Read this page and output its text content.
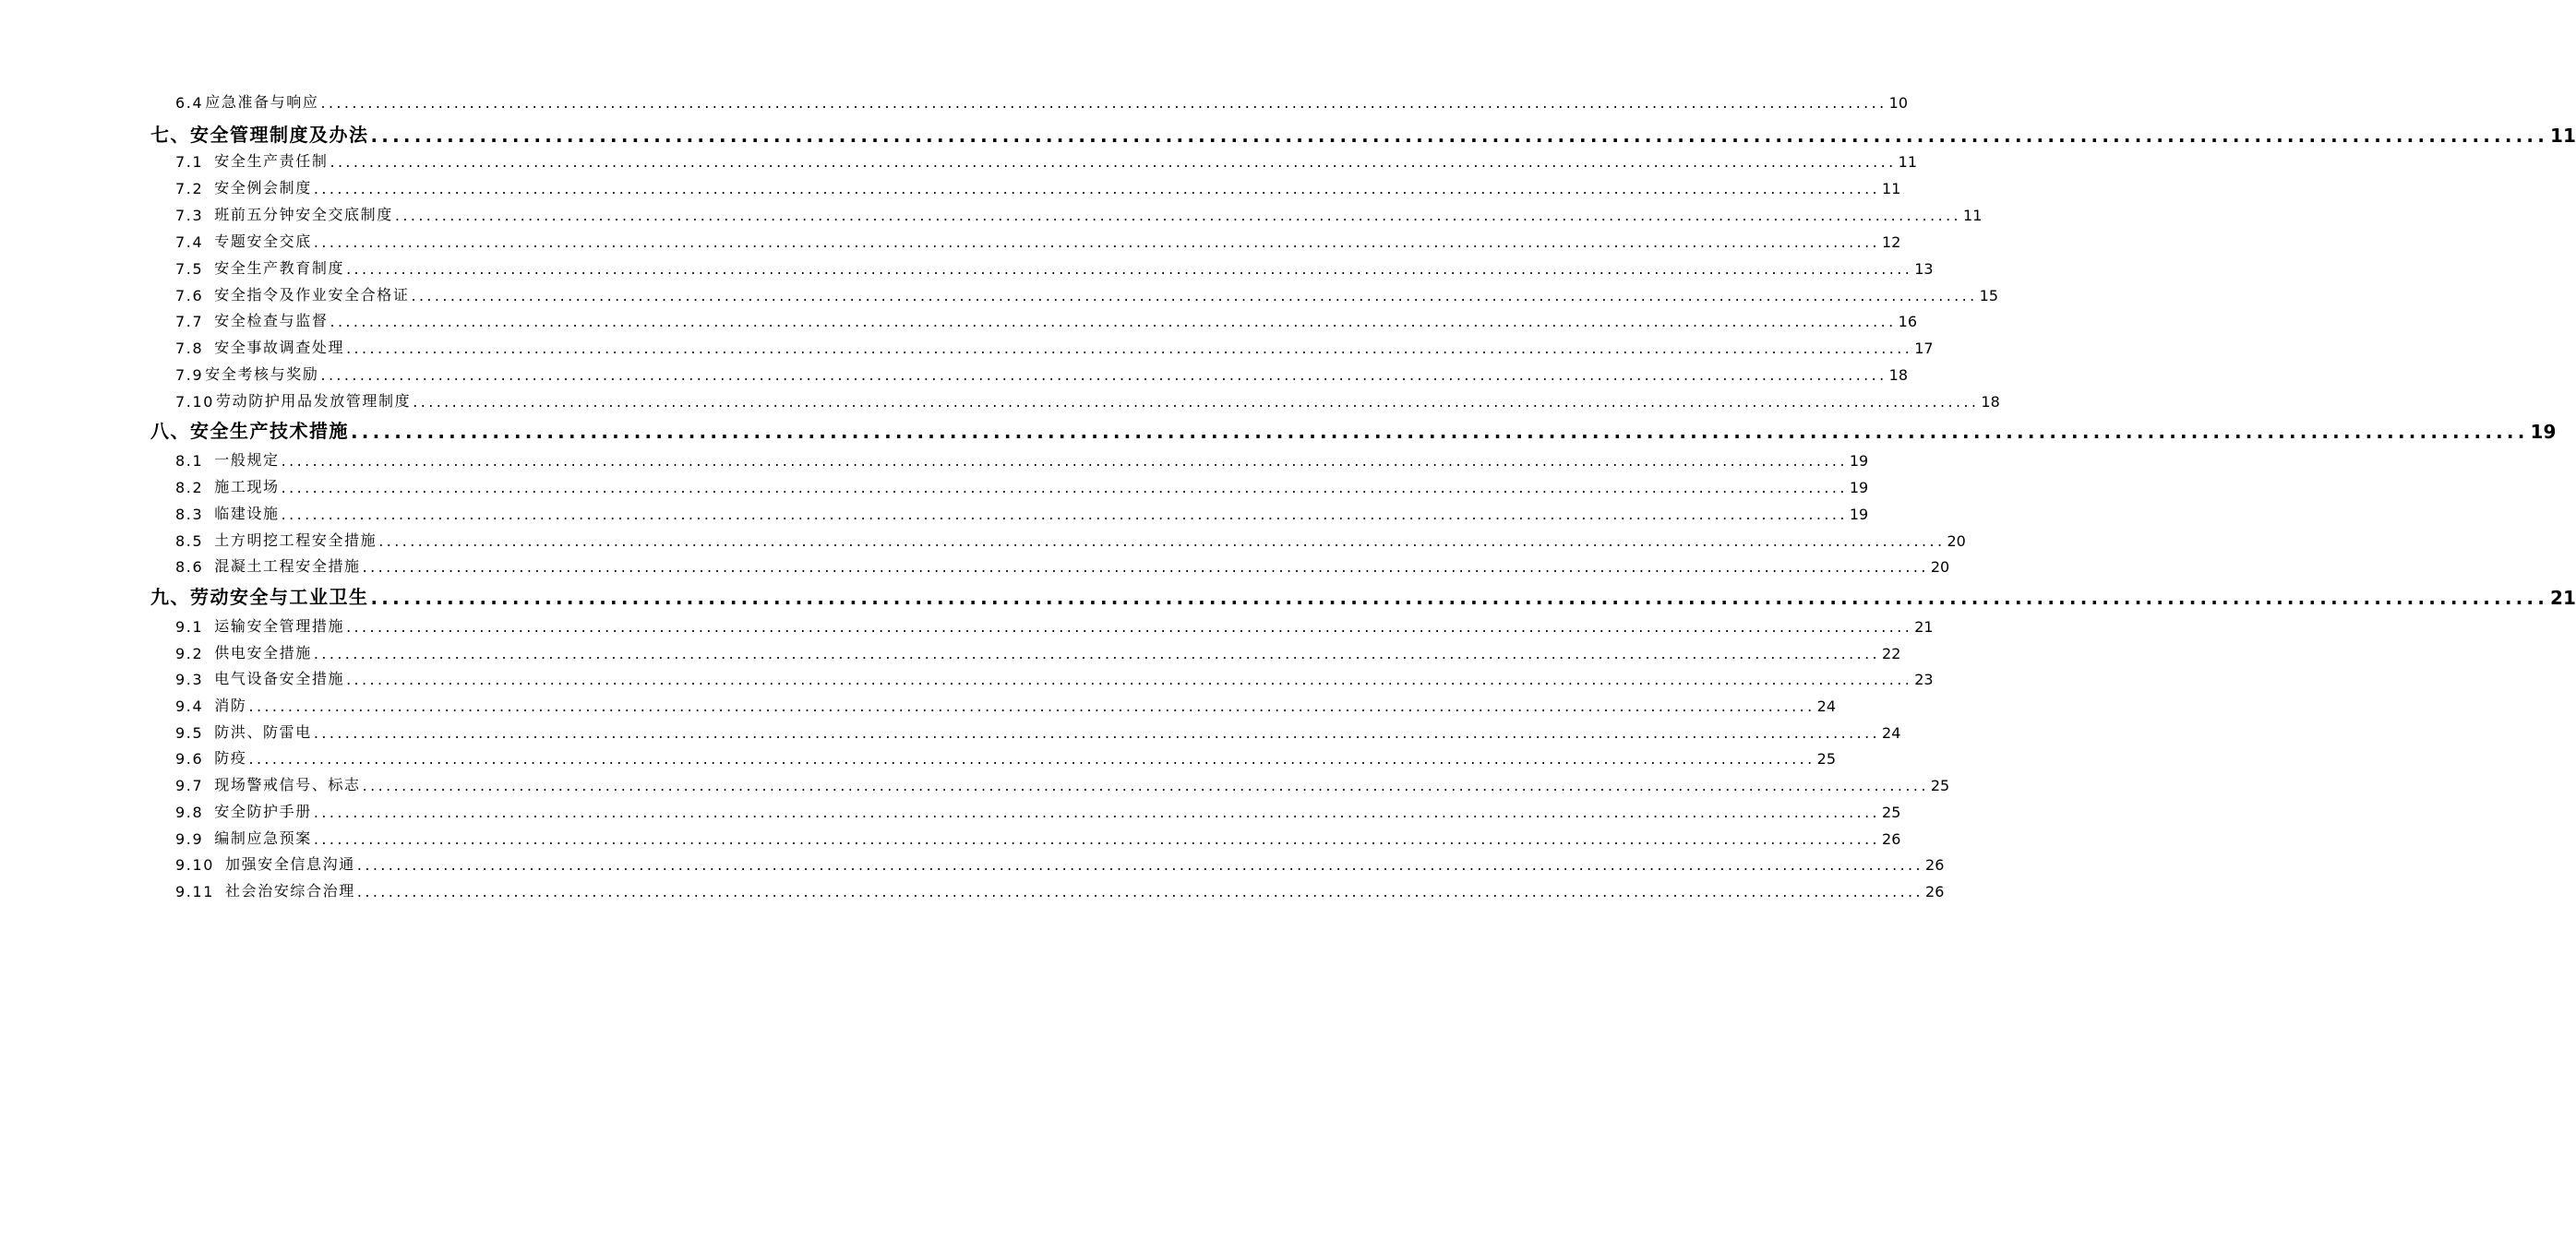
6.4 应急准备与响应 ........................................................................................................................................................................................................ 10
七、 安全管理制度及办法 ........................................................................................................................................................................................................ 11
7.1 安全生产责任制 ........................................................................................................................................................................................................ 11
7.2 安全例会制度 ........................................................................................................................................................................................................ 11
7.3 班前五分钟安全交底制度 ........................................................................................................................................................................................................ 11
7.4 专题安全交底 ........................................................................................................................................................................................................ 12
7.5 安全生产教育制度 ........................................................................................................................................................................................................ 13
7.6 安全指令及作业安全合格证 ........................................................................................................................................................................................................ 15
7.7 安全检查与监督 ........................................................................................................................................................................................................ 16
7.8 安全事故调查处理 ........................................................................................................................................................................................................ 17
7.9 安全考核与奖励 ........................................................................................................................................................................................................ 18
7.10 劳动防护用品发放管理制度 ........................................................................................................................................................................................................ 18
八、 安全生产技术措施 ........................................................................................................................................................................................................ 19
8.1 一般规定 ........................................................................................................................................................................................................ 19
8.2 施工现场 ........................................................................................................................................................................................................ 19
8.3 临建设施 ........................................................................................................................................................................................................ 19
8.5 土方明挖工程安全措施 ........................................................................................................................................................................................................ 20
8.6 混凝土工程安全措施 ........................................................................................................................................................................................................ 20
九、 劳动安全与工业卫生 ........................................................................................................................................................................................................ 21
9.1 运输安全管理措施 ........................................................................................................................................................................................................ 21
9.2 供电安全措施 ........................................................................................................................................................................................................ 22
9.3 电气设备安全措施 ........................................................................................................................................................................................................ 23
9.4 消防 ........................................................................................................................................................................................................ 24
9.5 防洪、防雷电 ........................................................................................................................................................................................................ 24
9.6 防疫 ........................................................................................................................................................................................................ 25
9.7 现场警戒信号、标志 ........................................................................................................................................................................................................ 25
9.8 安全防护手册 ........................................................................................................................................................................................................ 25
9.9 编制应急预案 ........................................................................................................................................................................................................ 26
9.10 加强安全信息沟通 ........................................................................................................................................................................................................ 26
9.11 社会治安综合治理 ........................................................................................................................................................................................................ 26
